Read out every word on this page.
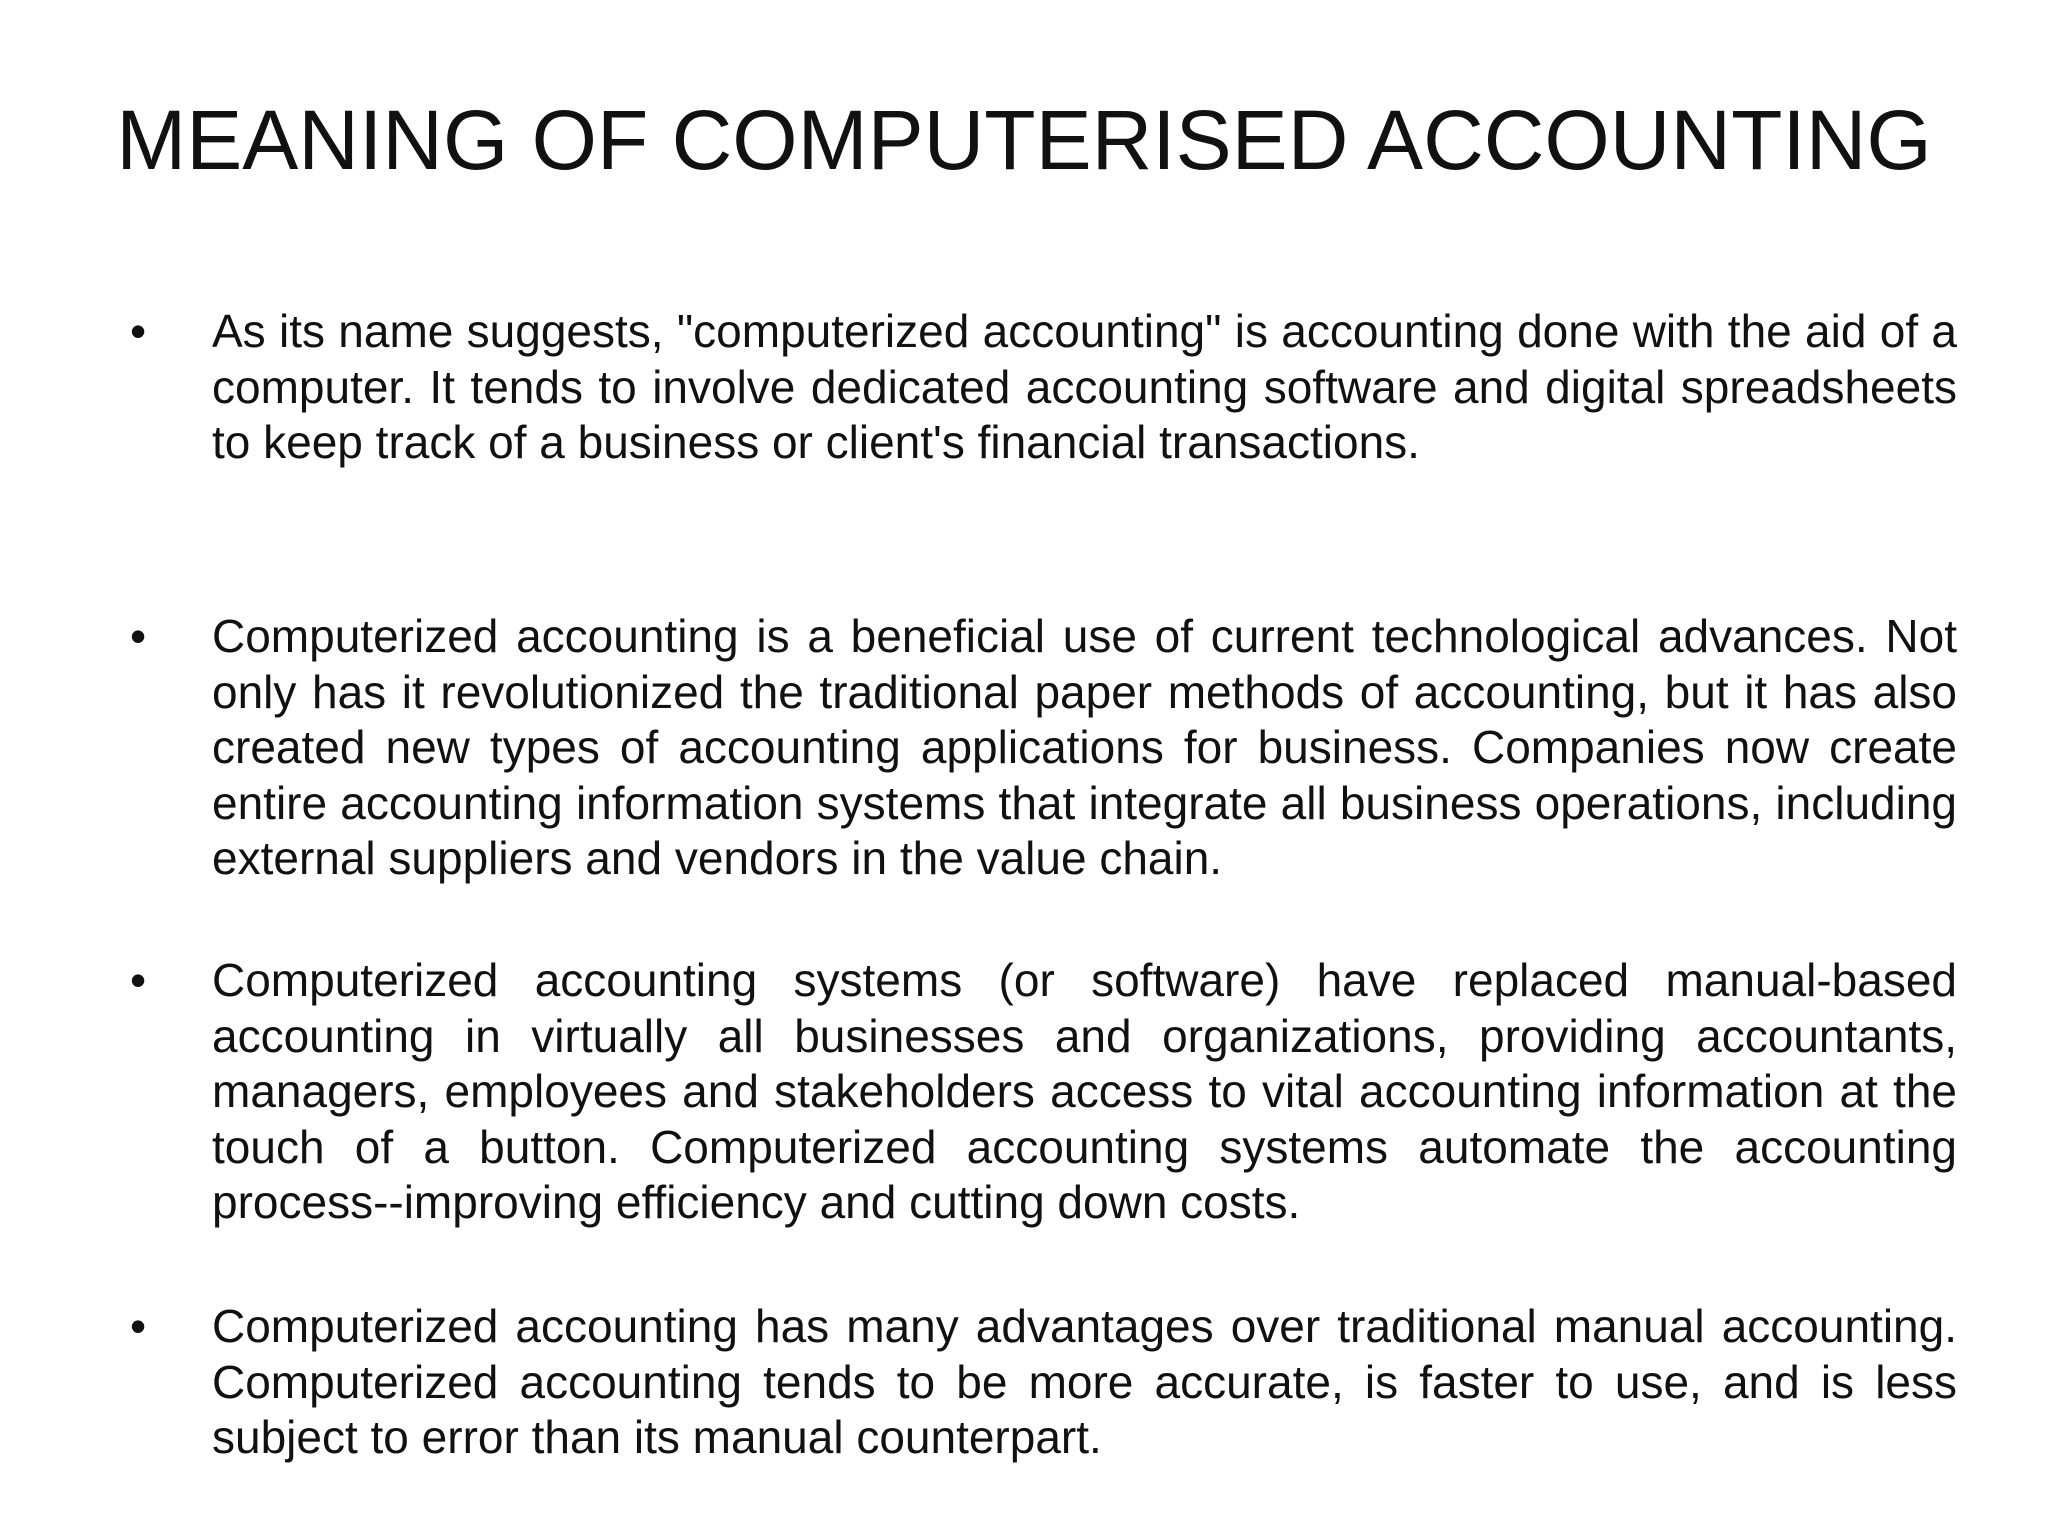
MEANING OF COMPUTERISED ACCOUNTING
•	As its name suggests, "computerized accounting" is accounting done with the aid of a computer. It tends to involve dedicated accounting software and digital spreadsheets to keep track of a business or client's financial transactions.

•	Computerized accounting is a beneficial use of current technological advances. Not only has it revolutionized the traditional paper methods of accounting, but it has also created new types of accounting applications for business. Companies now create entire accounting information systems that integrate all business operations, including external suppliers and vendors in the value chain.

•	Computerized accounting systems (or software) have replaced manual-based accounting in virtually all businesses and organizations, providing accountants, managers, employees and stakeholders access to vital accounting information at the touch of a button. Computerized accounting systems automate the accounting process--improving efficiency and cutting down costs.

•	Computerized accounting has many advantages over traditional manual accounting. Computerized accounting tends to be more accurate, is faster to use, and is less subject to error than its manual counterpart.
